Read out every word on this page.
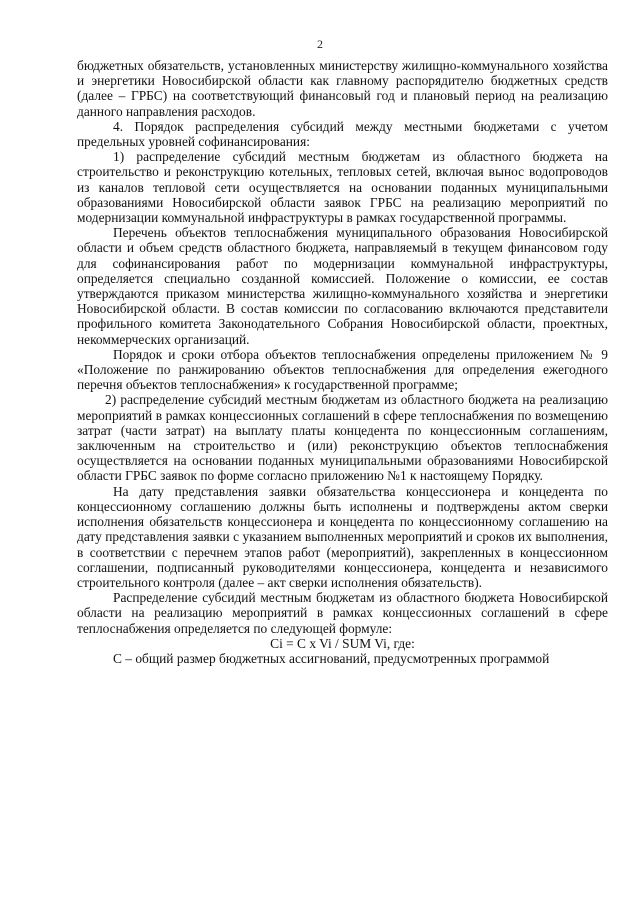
2

бюджетных обязательств, установленных министерству жилищно-коммунального хозяйства и энергетики Новосибирской области как главному распорядителю бюджетных средств (далее – ГРБС) на соответствующий финансовый год и плановый период на реализацию данного направления расходов.

4. Порядок распределения субсидий между местными бюджетами с учетом предельных уровней софинансирования:

1) распределение субсидий местным бюджетам из областного бюджета на строительство и реконструкцию котельных, тепловых сетей, включая вынос водопроводов из каналов тепловой сети осуществляется на основании поданных муниципальными образованиями Новосибирской области заявок ГРБС на реализацию мероприятий по модернизации коммунальной инфраструктуры в рамках государственной программы.

Перечень объектов теплоснабжения муниципального образования Новосибирской области и объем средств областного бюджета, направляемый в текущем финансовом году для софинансирования работ по модернизации коммунальной инфраструктуры, определяется специально созданной комиссией. Положение о комиссии, ее состав утверждаются приказом министерства жилищно-коммунального хозяйства и энергетики Новосибирской области. В состав комиссии по согласованию включаются представители профильного комитета Законодательного Собрания Новосибирской области, проектных, некоммерческих организаций.

Порядок и сроки отбора объектов теплоснабжения определены приложением № 9 «Положение по ранжированию объектов теплоснабжения для определения ежегодного перечня объектов теплоснабжения» к государственной программе;

2) распределение субсидий местным бюджетам из областного бюджета на реализацию мероприятий в рамках концессионных соглашений в сфере теплоснабжения по возмещению затрат (части затрат) на выплату платы концедента по концессионным соглашениям, заключенным на строительство и (или) реконструкцию объектов теплоснабжения осуществляется на основании поданных муниципальными образованиями Новосибирской области ГРБС заявок по форме согласно приложению №1 к настоящему Порядку.

На дату представления заявки обязательства концессионера и концедента по концессионному соглашению должны быть исполнены и подтверждены актом сверки исполнения обязательств концессионера и концедента по концессионному соглашению на дату представления заявки с указанием выполненных мероприятий и сроков их выполнения, в соответствии с перечнем этапов работ (мероприятий), закрепленных в концессионном соглашении, подписанный руководителями концессионера, концедента и независимого строительного контроля (далее – акт сверки исполнения обязательств).

Распределение субсидий местным бюджетам из областного бюджета Новосибирской области на реализацию мероприятий в рамках концессионных соглашений в сфере теплоснабжения определяется по следующей формуле:

Ci = C x Vi / SUM Vi, где:

C – общий размер бюджетных ассигнований, предусмотренных программой
